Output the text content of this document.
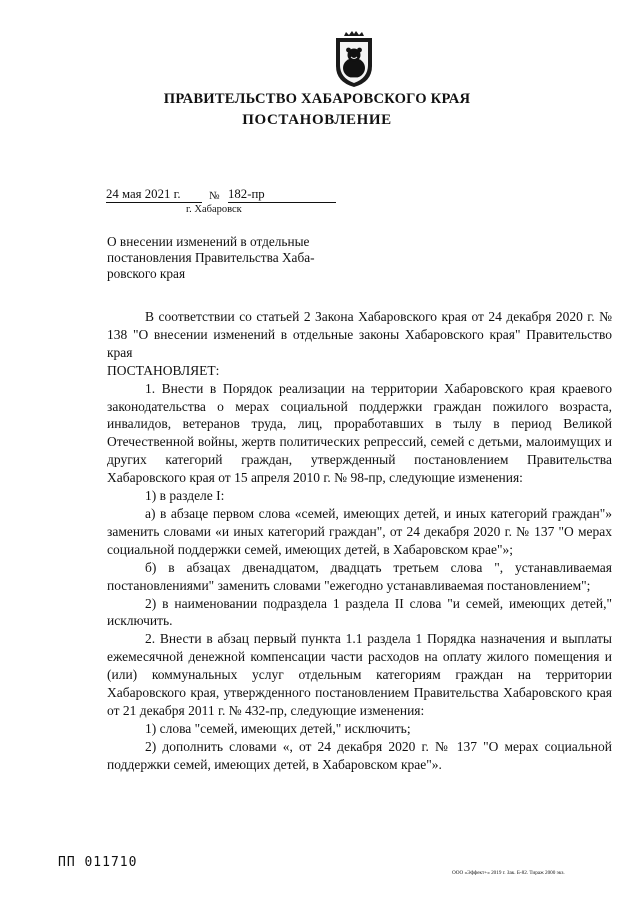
ПРАВИТЕЛЬСТВО ХАБАРОВСКОГО КРАЯ
ПОСТАНОВЛЕНИЕ
24 мая 2021 г.	№ 182-пр
г. Хабаровск
О внесении изменений в отдельные
постановления Правительства Хаба-
ровского края

В соответствии со статьей 2 Закона Хабаровского края от 24 декабря 2020 г. № 138 "О внесении изменений в отдельные законы Хабаровского края" Правительство края

ПОСТАНОВЛЯЕТ:

1. Внести в Порядок реализации на территории Хабаровского края краевого законодательства о мерах социальной поддержки граждан пожилого возраста, инвалидов, ветеранов труда, лиц, проработавших в тылу в период Великой Отечественной войны, жертв политических репрессий, семей с детьми, малоимущих и других категорий граждан, утвержденный постановлением Правительства Хабаровского края от 15 апреля 2010 г. № 98-пр, следующие изменения:

1) в разделе I:

а) в абзаце первом слова «семей, имеющих детей, и иных категорий граждан"» заменить словами «и иных категорий граждан", от 24 декабря 2020 г. № 137 "О мерах социальной поддержки семей, имеющих детей, в Хабаровском крае"»;

б) в абзацах двенадцатом, двадцать третьем слова ", устанавливаемая постановлениями" заменить словами "ежегодно устанавливаемая постановлением";

2) в наименовании подраздела 1 раздела II слова "и семей, имеющих детей," исключить.

2. Внести в абзац первый пункта 1.1 раздела 1 Порядка назначения и выплаты ежемесячной денежной компенсации части расходов на оплату жилого помещения и (или) коммунальных услуг отдельным категориям граждан на территории Хабаровского края, утвержденного постановлением Правительства Хабаровского края от 21 декабря 2011 г. № 432-пр, следующие изменения:

1) слова "семей, имеющих детей," исключить;

2) дополнить словами «, от 24 декабря 2020 г. № 137 "О мерах социальной поддержки семей, имеющих детей, в Хабаровском крае"».

ПП 011710
ООО «Эффект+» 2019 г. Зак. Б-82. Тираж 2000 экз.
